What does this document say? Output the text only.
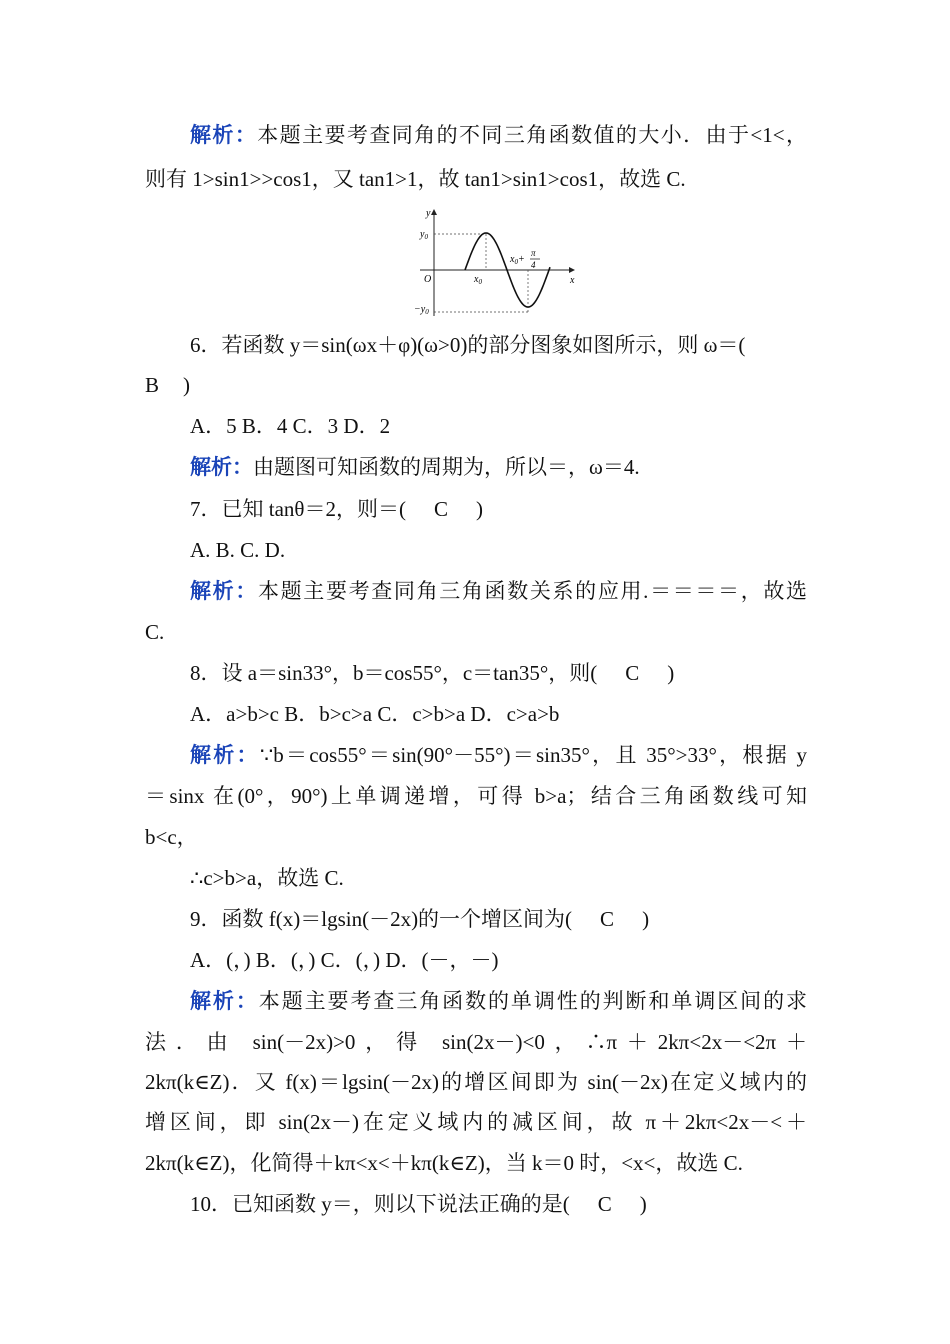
解析：本题主要考查同角的不同三角函数值的大小．由于<1<，
则有 1>sin1>>cos1，又 tan1>1，故 tan1>sin1>cos1，故选 C.
y
x
O
$y_0$
$-y_0$
$x_0$
$x_0+$
π
4
6．若函数 y＝sin(ωx＋φ)(ω>0)的部分图象如图所示，则 ω＝(
B )
A．5 B．4 C．3 D．2
解析：由题图可知函数的周期为，所以＝，ω＝4.
7．已知 tanθ＝2，则＝( C )
A. B. C. D.
解析：本题主要考查同角三角函数关系的应用.＝＝＝＝，故选
C.
8．设 a＝sin33°，b＝cos55°，c＝tan35°，则( C )
A．a>b>c B．b>c>a C．c>b>a D．c>a>b
解析：∵b＝cos55°＝sin(90°－55°)＝sin35°，且 35°>33°，根据 y
＝sinx 在(0°，90°)上单调递增，可得 b>a；结合三角函数线可知
b<c，
∴c>b>a，故选 C.
9．函数 f(x)＝lgsin(－2x)的一个增区间为( C )
A．(，) B．(，) C．(，) D．(－，－)
解析：本题主要考查三角函数的单调性的判断和单调区间的求
法．由 sin(－2x)>0，得 sin(2x－)<0，∴π＋2kπ<2x－<2π＋
2kπ(k∈Z)．又 f(x)＝lgsin(－2x)的增区间即为 sin(－2x)在定义域内的
增区间，即 sin(2x－)在定义域内的减区间，故 π＋2kπ<2x－<＋
2kπ(k∈Z)，化简得＋kπ<x<＋kπ(k∈Z)，当 k＝0 时，<x<，故选 C.
10．已知函数 y＝，则以下说法正确的是( C )
